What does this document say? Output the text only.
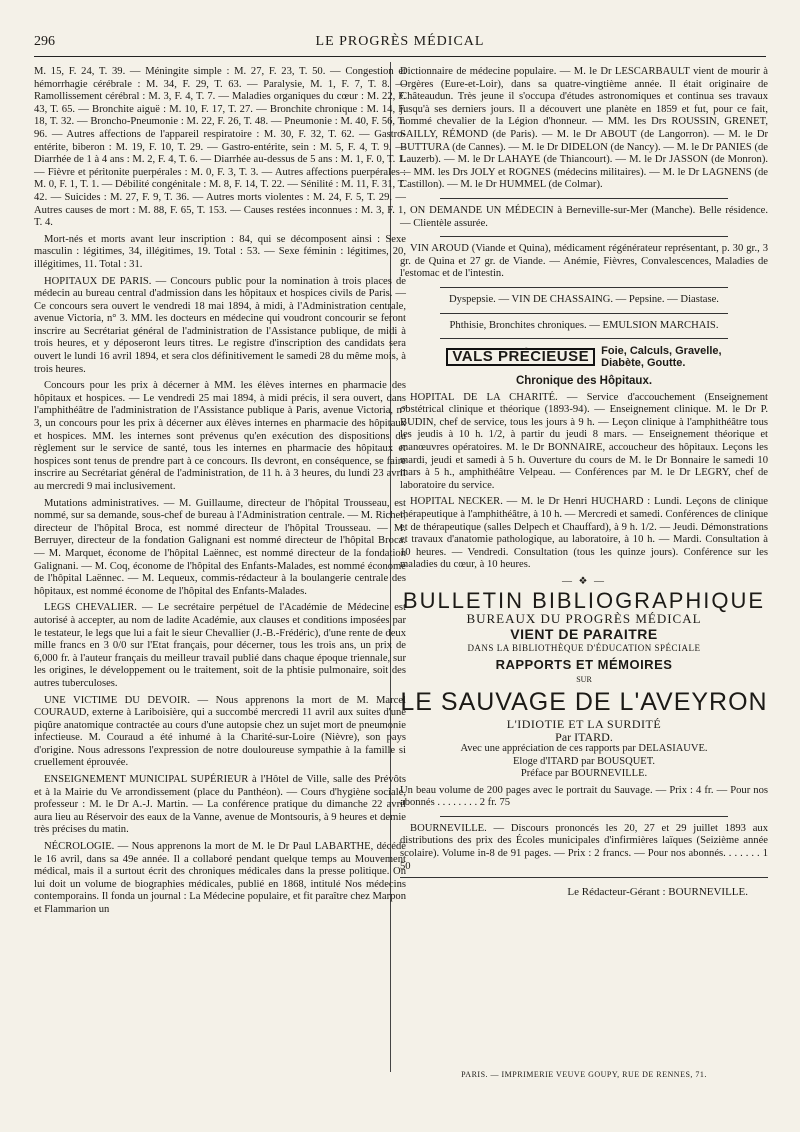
296	LE PROGRÈS MÉDICAL

M. 15, F. 24, T. 39. — Méningite simple : M. 27, F. 23, T. 50. — Congestion et hémorrhagie cérébrale : M. 34, F. 29, T. 63. — Paralysie, M. 1, F. 7, T. 8. — Ramollissement cérébral : M. 3, F. 4, T. 7. — Maladies organiques du cœur : M. 22, F. 43, T. 65. — Bronchite aiguë : M. 10, F. 17, T. 27. — Bronchite chronique : M. 14, F. 18, T. 32. — Broncho-Pneumonie : M. 22, F. 26, T. 48. — Pneumonie : M. 40, F. 56, T. 96. — Autres affections de l'appareil respiratoire : M. 30, F. 32, T. 62. — Gastro-entérite, biberon : M. 19, F. 10, T. 29. — Gastro-entérite, sein : M. 5, F. 4, T. 9. — Diarrhée de 1 à 4 ans : M. 2, F. 4, T. 6. — Diarrhée au-dessus de 5 ans : M. 1, F. 0, T. 1. — Fièvre et péritonite puerpérales : M. 0, F. 3, T. 3. — Autres affections puerpérales : M. 0, F. 1, T. 1. — Débilité congénitale : M. 8, F. 14, T. 22. — Sénilité : M. 11, F. 31, T. 42. — Suicides : M. 27, F. 9, T. 36. — Autres morts violentes : M. 24, F. 5, T. 29. — Autres causes de mort : M. 88, F. 65, T. 153. — Causes restées inconnues : M. 3, F. 1, T. 4.

Mort-nés et morts avant leur inscription : 84, qui se décomposent ainsi : Sexe masculin : légitimes, 34, illégitimes, 19. Total : 53. — Sexe féminin : légitimes, 20, illégitimes, 11. Total : 31.

HOPITAUX DE PARIS. — Concours public pour la nomination à trois places de médecin au bureau central d'admission dans les hôpitaux et hospices civils de Paris. — Ce concours sera ouvert le vendredi 18 mai 1894, à midi, à l'Administration centrale, avenue Victoria, n° 3. MM. les docteurs en médecine qui voudront concourir se feront inscrire au Secrétariat général de l'administration de l'Assistance publique, de midi à trois heures, et y déposeront leurs titres. Le registre d'inscription des candidats sera ouvert le lundi 16 avril 1894, et sera clos définitivement le samedi 28 du même mois, à trois heures.

Concours pour les prix à décerner à MM. les élèves internes en pharmacie des hôpitaux et hospices. — Le vendredi 25 mai 1894, à midi précis, il sera ouvert, dans l'amphithéâtre de l'administration de l'Assistance publique à Paris, avenue Victoria, n° 3, un concours pour les prix à décerner aux élèves internes en pharmacie des hôpitaux et hospices. MM. les internes sont prévenus qu'en exécution des dispositions du règlement sur le service de santé, tous les internes en pharmacie des hôpitaux et hospices sont tenus de prendre part à ce concours. Ils devront, en conséquence, se faire inscrire au Secrétariat général de l'administration, de 11 h. à 3 heures, du lundi 23 avril au mercredi 9 mai inclusivement.

Mutations administratives. — M. Guillaume, directeur de l'hôpital Trousseau, est nommé, sur sa demande, sous-chef de bureau à l'Administration centrale. — M. Richer, directeur de l'hôpital Broca, est nommé directeur de l'hôpital Trousseau. — M. Berruyer, directeur de la fondation Galignani est nommé directeur de l'hôpital Broca. — M. Marquet, économe de l'hôpital Laënnec, est nommé directeur de la fondation Galignani. — M. Coq, économe de l'hôpital des Enfants-Malades, est nommé économe de l'hôpital Laënnec. — M. Lequeux, commis-rédacteur à la boulangerie centrale des hôpitaux, est nommé économe de l'hôpital des Enfants-Malades.

LEGS CHEVALIER. — Le secrétaire perpétuel de l'Académie de Médecine est autorisé à accepter, au nom de ladite Académie, aux clauses et conditions imposées par le testateur, le legs que lui a fait le sieur Chevallier (J.-B.-Frédéric), d'une rente de deux mille francs en 3 0/0 sur l'Etat français, pour décerner, tous les trois ans, un prix de 6,000 fr. à l'auteur français du meilleur travail publié dans chaque époque triennale, sur les origines, le développement ou le traitement, soit de la phtisie pulmonaire, soit des autres tuberculoses.

UNE VICTIME DU DEVOIR. — Nous apprenons la mort de M. Marcel COURAUD, externe à Lariboisière, qui a succombé mercredi 11 avril aux suites d'une piqûre anatomique contractée au cours d'une autopsie chez un sujet mort de pneumonie infectieuse. M. Couraud a été inhumé à la Charité-sur-Loire (Nièvre), son pays d'origine. Nous adressons l'expression de notre douloureuse sympathie à la famille si cruellement éprouvée.

ENSEIGNEMENT MUNICIPAL SUPÉRIEUR à l'Hôtel de Ville, salle des Prévôts et à la Mairie du Ve arrondissement (place du Panthéon). — Cours d'hygiène sociale, professeur : M. le Dr A.-J. Martin. — La conférence pratique du dimanche 22 avril aura lieu au Réservoir des eaux de la Vanne, avenue de Montsouris, à 9 heures et demie très précises du matin.

NÉCROLOGIE. — Nous apprenons la mort de M. le Dr Paul LABARTHE, décédé le 16 avril, dans sa 49e année. Il a collaboré pendant quelque temps au Mouvement médical, mais il a surtout écrit des chroniques médicales dans la presse politique. On lui doit un volume de biographies médicales, publié en 1868, intitulé Nos médecins contemporains. Il fonda un journal : La Médecine populaire, et fit paraître chez Marpon et Flammarion un

Dictionnaire de médecine populaire. — M. le Dr LESCARBAULT vient de mourir à Orgères (Eure-et-Loir), dans sa quatre-vingtième année. Il était originaire de Châteaudun. Très jeune il s'occupa d'études astronomiques et continua ses travaux jusqu'à ses derniers jours. Il a découvert une planète en 1859 et fut, pour ce fait, nommé chevalier de la Légion d'honneur. — MM. les Drs ROUSSIN, GRENET, SAILLY, RÉMOND (de Paris). — M. le Dr ABOUT (de Langorron). — M. le Dr BUTTURA (de Cannes). — M. le Dr DIDELON (de Nancy). — M. le Dr PANIES (de Lauzerb). — M. le Dr LAHAYE (de Thiancourt). — M. le Dr JASSON (de Monron). — MM. les Drs JOLY et ROGNES (médecins militaires). — M. le Dr LAGNENS (de Castillon). — M. le Dr HUMMEL (de Colmar).

ON DEMANDE UN MÉDECIN à Berneville-sur-Mer (Manche). Belle résidence. — Clientèle assurée.

VIN AROUD (Viande et Quina), médicament régénérateur représentant, p. 30 gr., 3 gr. de Quina et 27 gr. de Viande. — Anémie, Fièvres, Convalescences, Maladies de l'estomac et de l'intestin.

Dyspepsie. — VIN DE CHASSAING. — Pepsine. — Diastase.

Phthisie, Bronchites chroniques. — EMULSION MARCHAIS.

VALS PRÉCIEUSE	Foie, Calculs, Gravelle,
Diabète, Goutte.
Chronique des Hôpitaux.

HOPITAL DE LA CHARITÉ. — Service d'accouchement (Enseignement obstétrical clinique et théorique (1893-94). — Enseignement clinique. M. le Dr P. BUDIN, chef de service, tous les jours à 9 h. — Leçon clinique à l'amphithéâtre tous les jeudis à 10 h. 1/2, à partir du jeudi 8 mars. — Enseignement théorique et manœuvres opératoires. M. le Dr BONNAIRE, accoucheur des hôpitaux. Leçons les mardi, jeudi et samedi à 5 h. Ouverture du cours de M. le Dr Bonnaire le samedi 10 mars à 5 h., amphithéâtre Velpeau. — Conférences par M. le Dr LEGRY, chef de laboratoire du service.

HOPITAL NECKER. — M. le Dr Henri HUCHARD : Lundi. Leçons de clinique thérapeutique à l'amphithéâtre, à 10 h. — Mercredi et samedi. Conférences de clinique et de thérapeutique (salles Delpech et Chauffard), à 9 h. 1/2. — Jeudi. Démonstrations et travaux d'anatomie pathologique, au laboratoire, à 10 h. — Mardi. Consultation à 10 heures. — Vendredi. Consultation (tous les quinze jours). Conférence sur les maladies du cœur, à 10 heures.

— ❖ —
BULLETIN BIBLIOGRAPHIQUE
BUREAUX DU PROGRÈS MÉDICAL
VIENT DE PARAITRE
DANS LA BIBLIOTHÈQUE D'ÉDUCATION SPÉCIALE
RAPPORTS ET MÉMOIRES
SUR
LE SAUVAGE DE L'AVEYRON
L'IDIOTIE ET LA SURDITÉ
Par ITARD.
Avec une appréciation de ces rapports par DELASIAUVE.
Eloge d'ITARD par BOUSQUET.
Préface par BOURNEVILLE.

Un beau volume de 200 pages avec le portrait du Sauvage. — Prix : 4 fr. — Pour nos abonnés . . . . . . . . 2 fr. 75

BOURNEVILLE. — Discours prononcés les 20, 27 et 29 juillet 1893 aux distributions des prix des Écoles municipales d'infirmières laïques (Seizième année scolaire). Volume in-8 de 91 pages. — Prix : 2 francs. — Pour nos abonnés. . . . . . . 1 50

Le Rédacteur-Gérant : BOURNEVILLE.
PARIS. — IMPRIMERIE VEUVE GOUPY, RUE DE RENNES, 71.
